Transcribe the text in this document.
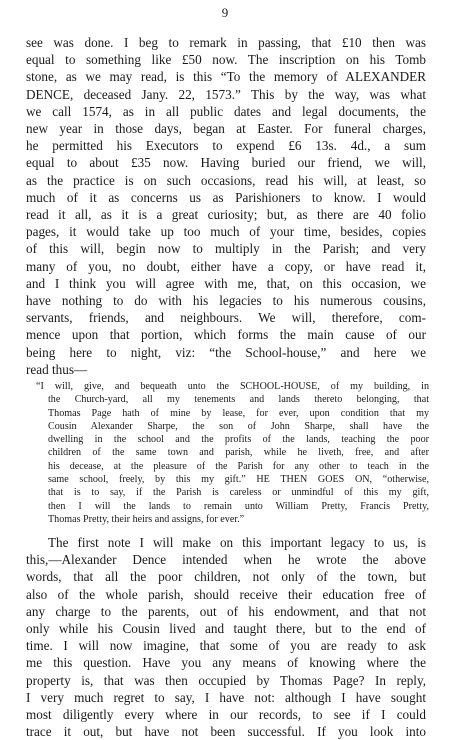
9
see was done. I beg to remark in passing, that £10 then was
equal to something like £50 now. The inscription on his Tomb
stone, as we may read, is this “To the memory of ALEXANDER
DENCE, deceased Jany. 22, 1573.” This by the way, was what
we call 1574, as in all public dates and legal documents, the
new year in those days, began at Easter. For funeral charges,
he permitted his Executors to expend £6 13s. 4d., a sum
equal to about £35 now. Having buried our friend, we will,
as the practice is on such occasions, read his will, at least, so
much of it as concerns us as Parishioners to know. I would
read it all, as it is a great curiosity; but, as there are 40 folio
pages, it would take up too much of your time, besides, copies
of this will, begin now to multiply in the Parish; and very
many of you, no doubt, either have a copy, or have read it,
and I think you will agree with me, that, on this occasion, we
have nothing to do with his legacies to his numerous cousins,
servants, friends, and neighbours. We will, therefore, com-
mence upon that portion, which forms the main cause of our
being here to night, viz: “the School-house,” and here we
read thus—
“I will, give, and bequeath unto the SCHOOL-HOUSE, of my building, in
the Church-yard, all my tenements and lands thereto belonging, that
Thomas Page hath of mine by lease, for ever, upon condition that my
Cousin Alexander Sharpe, the son of John Sharpe, shall have the
dwelling in the school and the profits of the lands, teaching the poor
children of the same town and parish, while he liveth, free, and after
his decease, at the pleasure of the Parish for any other to teach in the
same school, freely, by this my gift.” HE THEN GOES ON, “otherwise,
that is to say, if the Parish is careless or unmindful of this my gift,
then I will the lands to remain unto William Pretty, Francis Pretty,
Thomas Pretty, their heirs and assigns, for ever.”
The first note I will make on this important legacy to us, is
this,—Alexander Dence intended when he wrote the above
words, that all the poor children, not only of the town, but
also of the whole parish, should receive their education free of
any charge to the parents, out of his endowment, and that not
only while his Cousin lived and taught there, but to the end of
time. I will now imagine, that some of you are ready to ask
me this question. Have you any means of knowing where the
property is, that was then occupied by Thomas Page? In reply,
I very much regret to say, I have not: although I have sought
most diligently every where in our records, to see if I could
trace it out, but have not been successful. If you look into
